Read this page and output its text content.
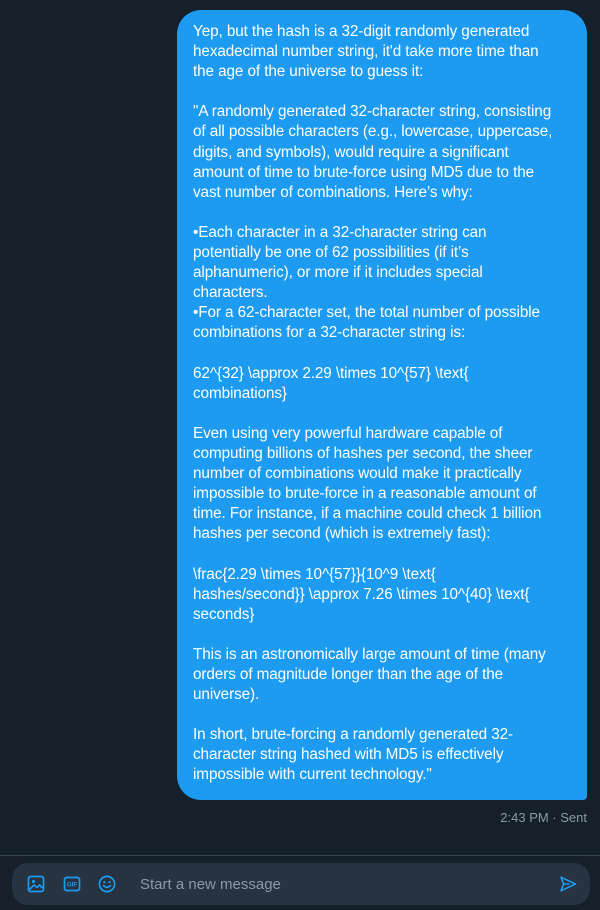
Yep, but the hash is a 32-digit randomly generated
hexadecimal number string, it'd take more time than
the age of the universe to guess it:
"A randomly generated 32-character string, consisting
of all possible characters (e.g., lowercase, uppercase,
digits, and symbols), would require a significant
amount of time to brute-force using MD5 due to the
vast number of combinations. Here’s why:
•Each character in a 32-character string can
potentially be one of 62 possibilities (if it’s
alphanumeric), or more if it includes special
characters.
•For a 62-character set, the total number of possible
combinations for a 32-character string is:
62^{32} \approx 2.29 \times 10^{57} \text{
combinations}
Even using very powerful hardware capable of
computing billions of hashes per second, the sheer
number of combinations would make it practically
impossible to brute-force in a reasonable amount of
time. For instance, if a machine could check 1 billion
hashes per second (which is extremely fast):
\frac{2.29 \times 10^{57}}{10^9 \text{
hashes/second}} \approx 7.26 \times 10^{40} \text{
seconds}
This is an astronomically large amount of time (many
orders of magnitude longer than the age of the
universe).
In short, brute-forcing a randomly generated 32-
character string hashed with MD5 is effectively
impossible with current technology."
2:43 PM · Sent
GIF
Start a new message
